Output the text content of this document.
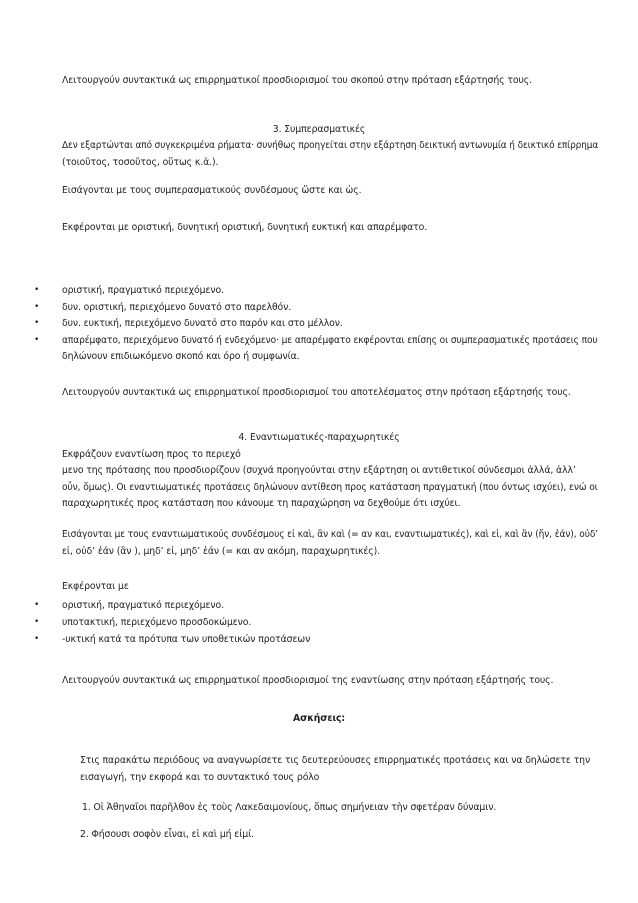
Λειτουργούν συντακτικά ως επιρρηματικοί προσδιορισμοί του σκοπού στην πρόταση εξάρτησής τους.
3. Συμπερασματικές
Δεν εξαρτώνται από συγκεκριμένα ρήματα· συνήθως προηγείται στην εξάρτηση δεικτική αντωνυμία ή δεικτικό επίρρημα
(τοιοῦτος, τοσοῦτος, οὕτως κ.ἀ.).
Εισάγονται με τους συμπερασματικούς συνδέσμους ὥστε και ὡς.
Εκφέρονται με οριστική, δυνητική οριστική, δυνητική ευκτική και απαρέμφατο.
• οριστική, πραγματικό περιεχόμενο.
• δυν. οριστική, περιεχόμενο δυνατό στο παρελθόν.
• δυν. ευκτική, περιεχόμενο δυνατό στο παρόν και στο μέλλον.
• απαρέμφατο, περιεχόμενο δυνατό ή ενδεχόμενο· με απαρέμφατο εκφέρονται επίσης οι συμπερασματικές προτάσεις που
δηλώνουν επιδιωκόμενο σκοπό και όρο ή συμφωνία.
Λειτουργούν συντακτικά ως επιρρηματικοί προσδιορισμοί του αποτελέσματος στην πρόταση εξάρτησής τους.
4. Εναντιωματικές-παραχωρητικές
Εκφράζουν εναντίωση προς το περιεχό
μενο της πρότασης που προσδιορίζουν (συχνά προηγούνται στην εξάρτηση οι αντιθετικοί σύνδεσμοι ἀλλά, ἀλλ’
οὖν, ὅμως). Οι εναντιωματικές προτάσεις δηλώνουν αντίθεση προς κατάσταση πραγματική (που όντως ισχύει), ενώ οι
παραχωρητικές προς κατάσταση που κάνουμε τη παραχώρηση να δεχθούμε ότι ισχύει.
Εισάγονται με τους εναντιωματικούς συνδέσμους εἰ καὶ, ἂν καὶ (= αν και, εναντιωματικές), καὶ εἰ, καὶ ἂν (ἤν, ἐάν), οὐδ’
εἰ, οὐδ’ ἐάν (ἂν ), μηδ’ εἰ, μηδ’ ἐάν (= και αν ακόμη, παραχωρητικές).
Εκφέρονται με
• οριστική, πραγματικό περιεχόμενο.
• υποτακτική, περιεχόμενο προσδοκώμενο.
• -υκτική κατά τα πρότυπα των υποθετικών προτάσεων
Λειτουργούν συντακτικά ως επιρρηματικοί προσδιορισμοί της εναντίωσης στην πρόταση εξάρτησής τους.
Ασκήσεις:
Στις παρακάτω περιόδους να αναγνωρίσετε τις δευτερεύουσες επιρρηματικές προτάσεις και να δηλώσετε την
εισαγωγή, την εκφορά και το συντακτικό τους ρόλο
1. Οἱ Ἀθηναῖοι παρῆλθον ἐς τοὺς Λακεδαιμονίους, ὅπως σημήνειαν τὴν σφετέραν δύναμιν.
2. Φήσουσι σοφὸν εἶναι, εἰ καὶ μή εἰμί.
